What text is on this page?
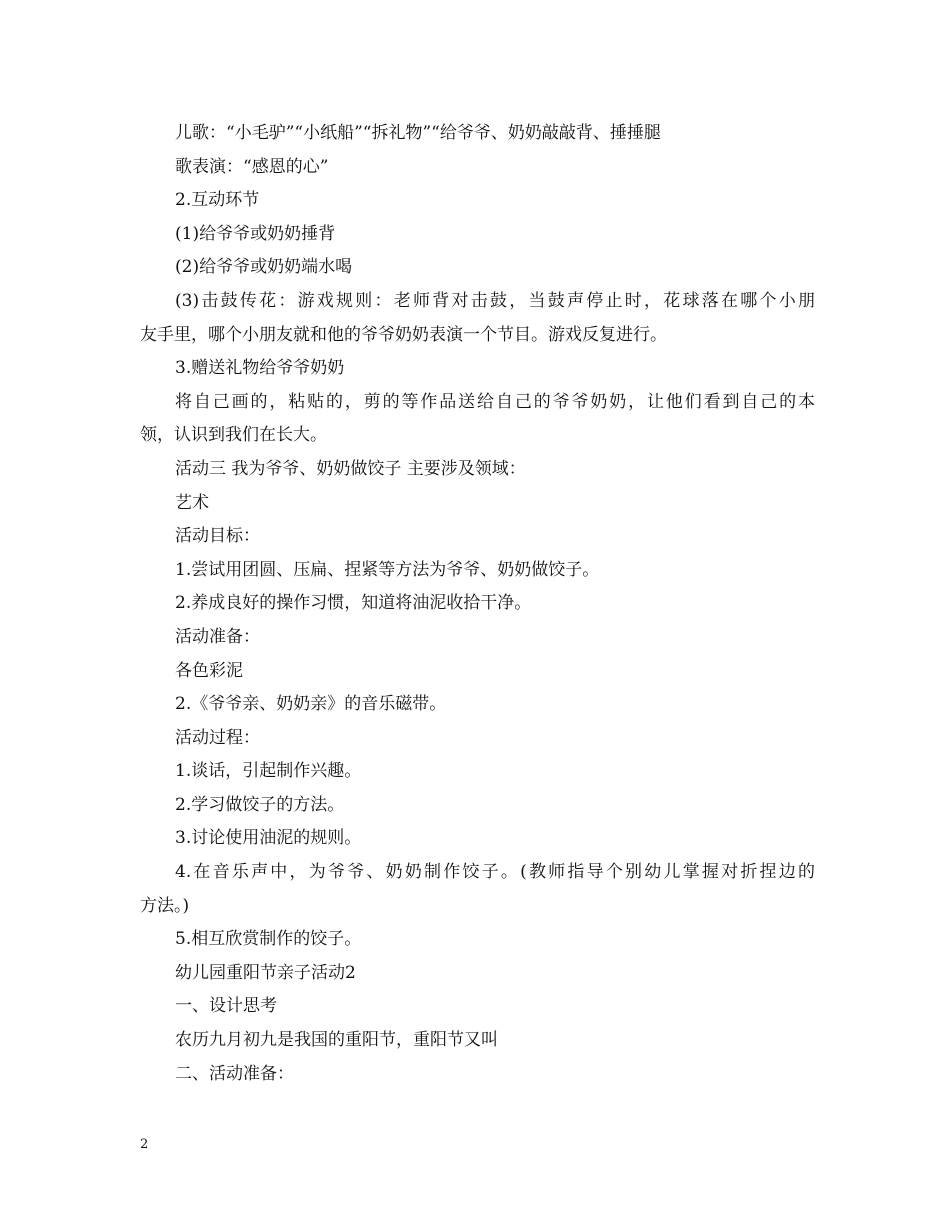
儿歌：“小毛驴”“小纸船”“拆礼物”“给爷爷、奶奶敲敲背、捶捶腿
歌表演：“感恩的心”
2.互动环节
(1)给爷爷或奶奶捶背
(2)给爷爷或奶奶端水喝
(3)击鼓传花：游戏规则：老师背对击鼓，当鼓声停止时，花球落在哪个小朋
友手里，哪个小朋友就和他的爷爷奶奶表演一个节目。游戏反复进行。
3.赠送礼物给爷爷奶奶
将自己画的，粘贴的，剪的等作品送给自己的爷爷奶奶，让他们看到自己的本
领，认识到我们在长大。
活动三 我为爷爷、奶奶做饺子 主要涉及领域：
艺术
活动目标：
1.尝试用团圆、压扁、捏紧等方法为爷爷、奶奶做饺子。
2.养成良好的操作习惯，知道将油泥收拾干净。
活动准备：
各色彩泥
2.《爷爷亲、奶奶亲》的音乐磁带。
活动过程：
1.谈话，引起制作兴趣。
2.学习做饺子的方法。
3.讨论使用油泥的规则。
4.在音乐声中，为爷爷、奶奶制作饺子。(教师指导个别幼儿掌握对折捏边的
方法。)
5.相互欣赏制作的饺子。
幼儿园重阳节亲子活动2
一、设计思考
农历九月初九是我国的重阳节，重阳节又叫
二、活动准备：
2
